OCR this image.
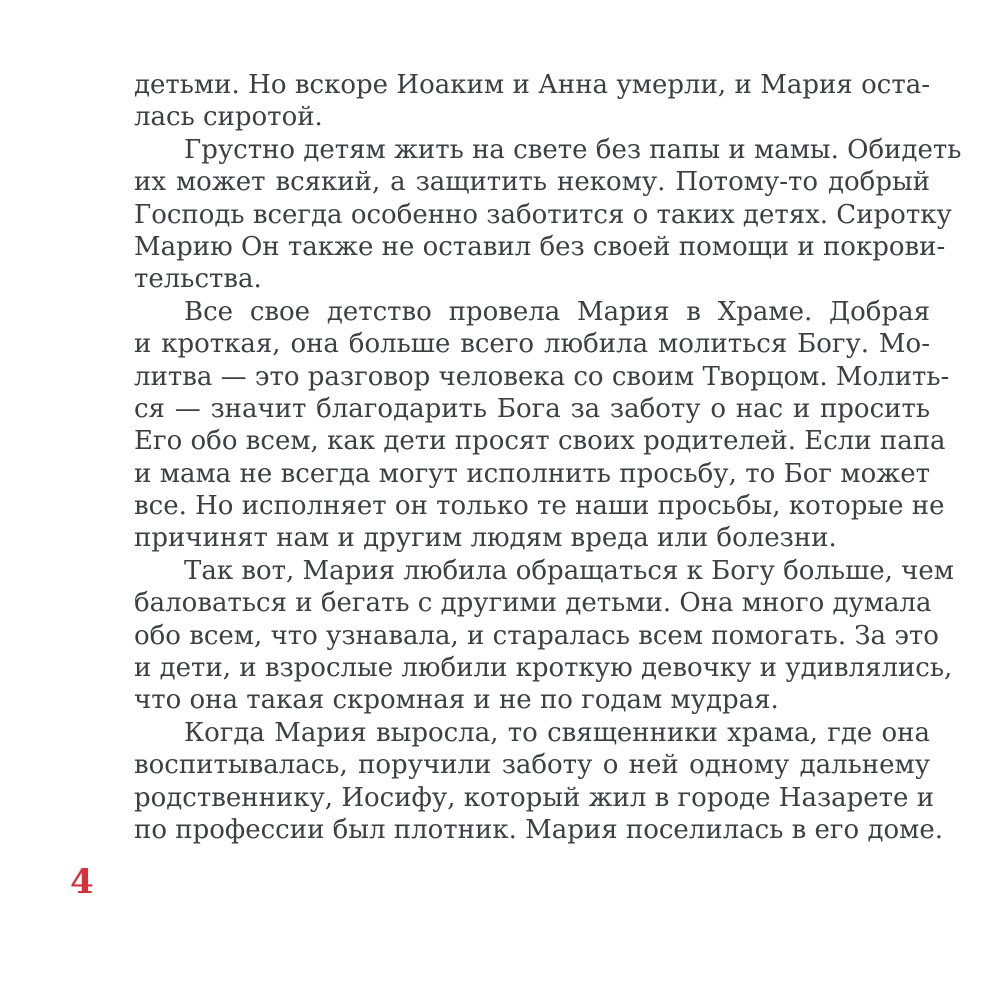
детьми. Но вскоре Иоаким и Анна умерли, и Мария оста-
лась сиротой.

Грустно детям жить на свете без папы и мамы. Обидеть
их может всякий, а защитить некому. Потому-то добрый
Господь всегда особенно заботится о таких детях. Сиротку
Марию Он также не оставил без своей помощи и покрови-
тельства.

Все свое детство провела Мария в Храме. Добрая
и кроткая, она больше всего любила молиться Богу. Мо-
литва — это разговор человека со своим Творцом. Молить-
ся — значит благодарить Бога за заботу о нас и просить
Его обо всем, как дети просят своих родителей. Если папа
и мама не всегда могут исполнить просьбу, то Бог может
все. Но исполняет он только те наши просьбы, которые не
причинят нам и другим людям вреда или болезни.

Так вот, Мария любила обращаться к Богу больше, чем
баловаться и бегать с другими детьми. Она много думала
обо всем, что узнавала, и старалась всем помогать. За это
и дети, и взрослые любили кроткую девочку и удивлялись,
что она такая скромная и не по годам мудрая.

Когда Мария выросла, то священники храма, где она
воспитывалась, поручили заботу о ней одному дальнему
родственнику, Иосифу, который жил в городе Назарете и
по профессии был плотник. Мария поселилась в его доме.

4
